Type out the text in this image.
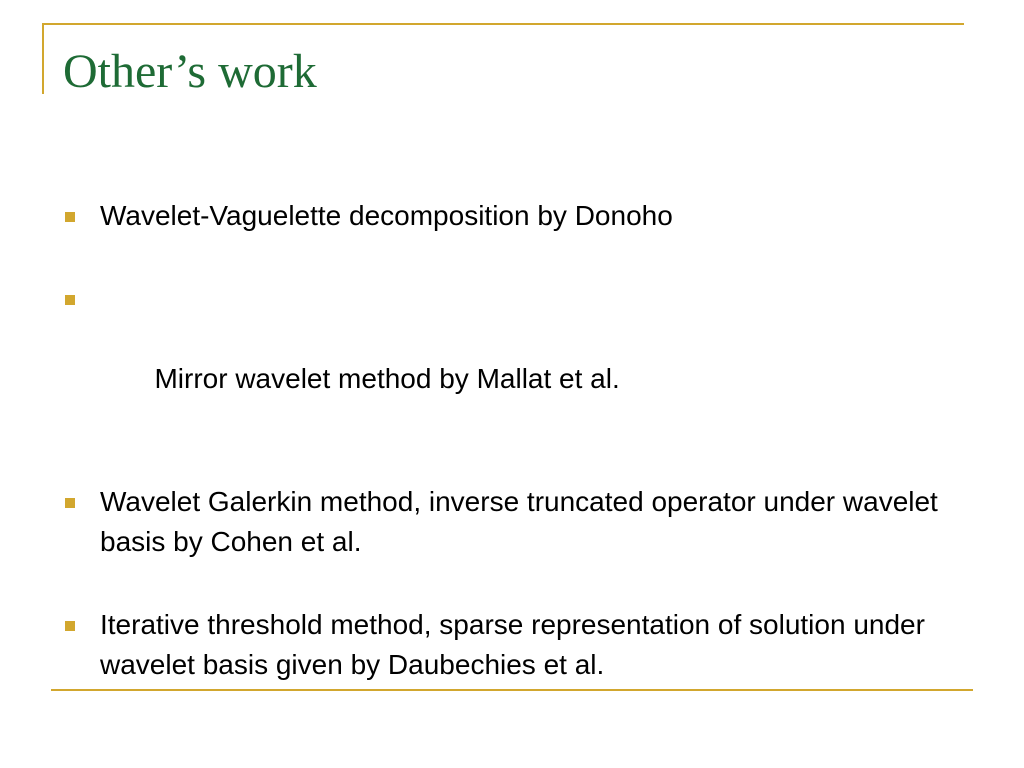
Other’s work
Wavelet-Vaguelette decomposition by Donoho

Mirror wavelet method by Mallat et al.

Wavelet Galerkin method, inverse truncated operator under wavelet basis by Cohen et al.
Iterative threshold method, sparse representation of solution under wavelet basis given by Daubechies et al.
